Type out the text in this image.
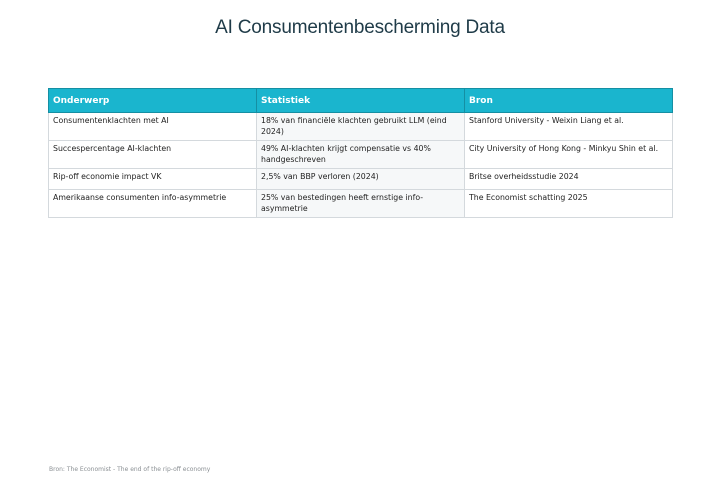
AI Consumentenbescherming Data
Onderwerp	Statistiek	Bron
Consumentenklachten met AI	18% van financiële klachten gebruikt LLM (eind 2024)	Stanford University - Weixin Liang et al.
Succespercentage AI-klachten	49% AI-klachten krijgt compensatie vs 40% handgeschreven	City University of Hong Kong - Minkyu Shin et al.
Rip-off economie impact VK	2,5% van BBP verloren (2024)	Britse overheidsstudie 2024
Amerikaanse consumenten info-asymmetrie	25% van bestedingen heeft ernstige info-asymmetrie	The Economist schatting 2025
Bron: The Economist - The end of the rip-off economy
